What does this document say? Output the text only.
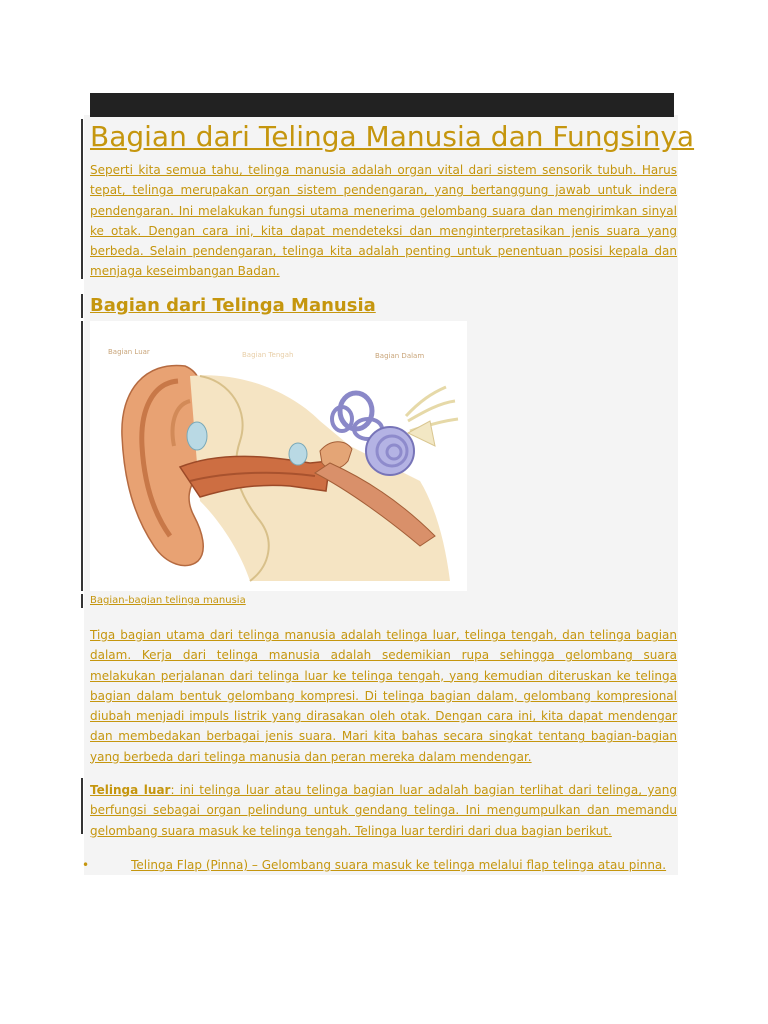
Bagian dari Telinga Manusia dan Fungsinya

Seperti kita semua tahu, telinga manusia adalah organ vital dari sistem sensorik tubuh. Harus tepat, telinga merupakan organ sistem pendengaran, yang bertanggung jawab untuk indera pendengaran. Ini melakukan fungsi utama menerima gelombang suara dan mengirimkan sinyal ke otak. Dengan cara ini, kita dapat mendeteksi dan menginterpretasikan jenis suara yang berbeda. Selain pendengaran, telinga kita adalah penting untuk penentuan posisi kepala dan menjaga keseimbangan Badan.

Bagian dari Telinga Manusia
Bagian Luar	Bagian Tengah	Bagian Dalam
Bagian-bagian telinga manusia

Tiga bagian utama dari telinga manusia adalah telinga luar, telinga tengah, dan telinga bagian dalam. Kerja dari telinga manusia adalah sedemikian rupa sehingga gelombang suara melakukan perjalanan dari telinga luar ke telinga tengah, yang kemudian diteruskan ke telinga bagian dalam bentuk gelombang kompresi. Di telinga bagian dalam, gelombang kompresional diubah menjadi impuls listrik yang dirasakan oleh otak. Dengan cara ini, kita dapat mendengar dan membedakan berbagai jenis suara. Mari kita bahas secara singkat tentang bagian-bagian yang berbeda dari telinga manusia dan peran mereka dalam mendengar.

Telinga luar: ini telinga luar atau telinga bagian luar adalah bagian terlihat dari telinga, yang berfungsi sebagai organ pelindung untuk gendang telinga. Ini mengumpulkan dan memandu gelombang suara masuk ke telinga tengah. Telinga luar terdiri dari dua bagian berikut.

•	Telinga Flap (Pinna) – Gelombang suara masuk ke telinga melalui flap telinga atau pinna.
